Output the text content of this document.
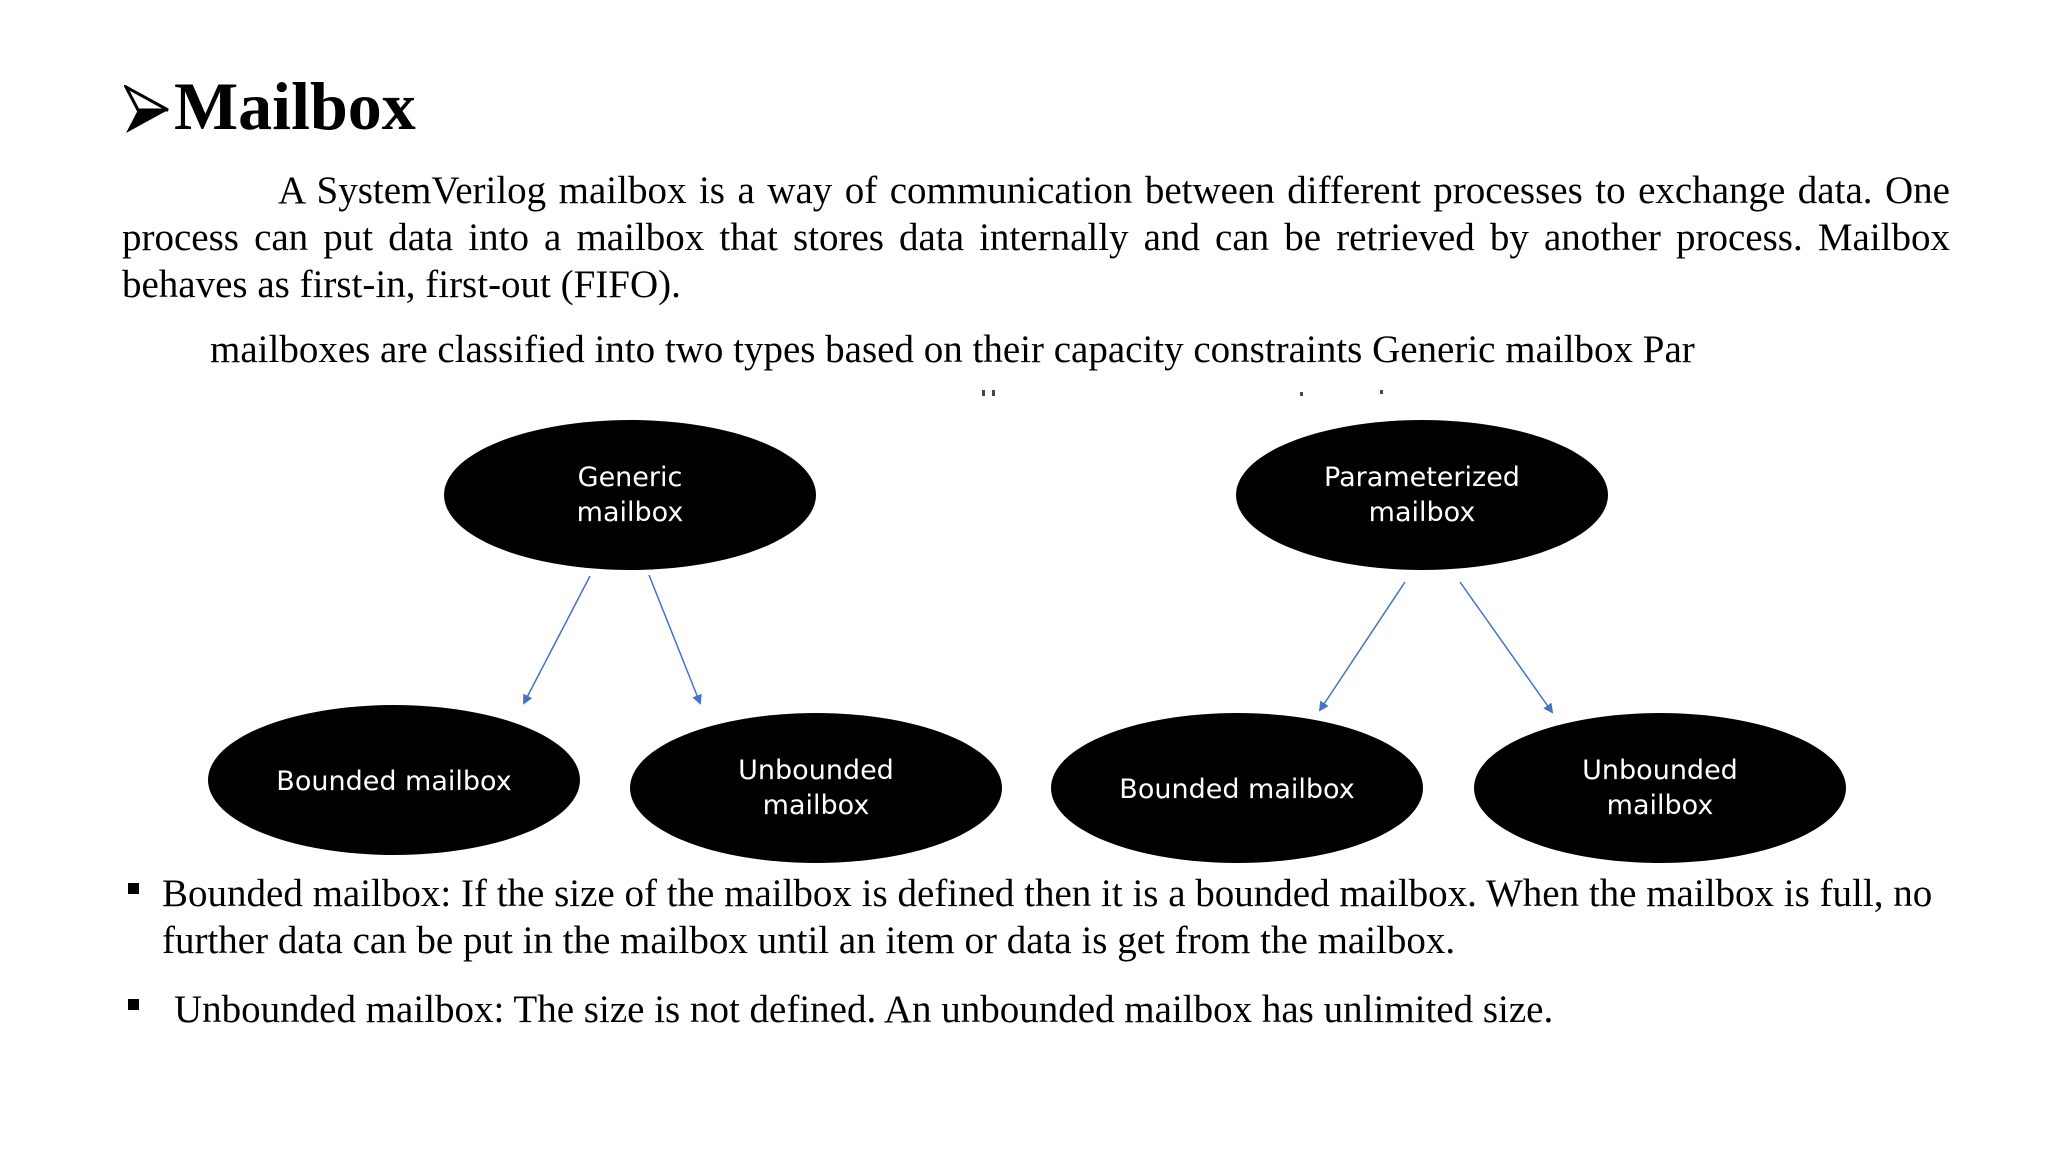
Mailbox
A SystemVerilog mailbox is a way of communication between different processes to exchange data. One process can put data into a mailbox that stores data internally and can be retrieved by another process. Mailbox behaves as first-in, first-out (FIFO).
mailboxes are classified into two types based on their capacity constraints Generic mailbox Par
Generic
mailbox
Bounded mailbox	Unbounded
mailbox
Parameterized
mailbox
Bounded mailbox
Unbounded
mailbox
Bounded mailbox: If the size of the mailbox is defined then it is a bounded mailbox. When the mailbox is full, no further data can be put in the mailbox until an item or data is get from the mailbox.
Unbounded mailbox: The size is not defined. An unbounded mailbox has unlimited size.
